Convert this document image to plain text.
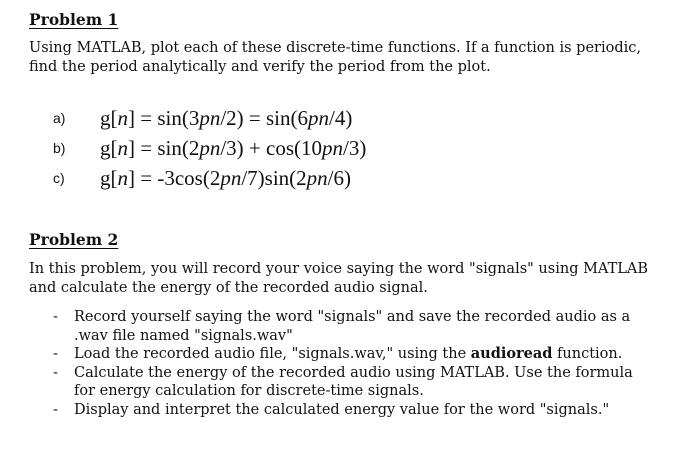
Problem 1
Using MATLAB, plot each of these discrete-time functions. If a function is periodic, find the period analytically and verify the period from the plot.
a) g[n] = sin(3pn/2) = sin(6pn/4)
b) g[n] = sin(2pn/3) + cos(10pn/3)
c) g[n] = -3cos(2pn/7)sin(2pn/6)
Problem 2
In this problem, you will record your voice saying the word "signals" using MATLAB and calculate the energy of the recorded audio signal.
- Record yourself saying the word "signals" and save the recorded audio as a .wav file named "signals.wav"
- Load the recorded audio file, "signals.wav," using the audioread function.
- Calculate the energy of the recorded audio using MATLAB. Use the formula for energy calculation for discrete-time signals.
- Display and interpret the calculated energy value for the word "signals."
